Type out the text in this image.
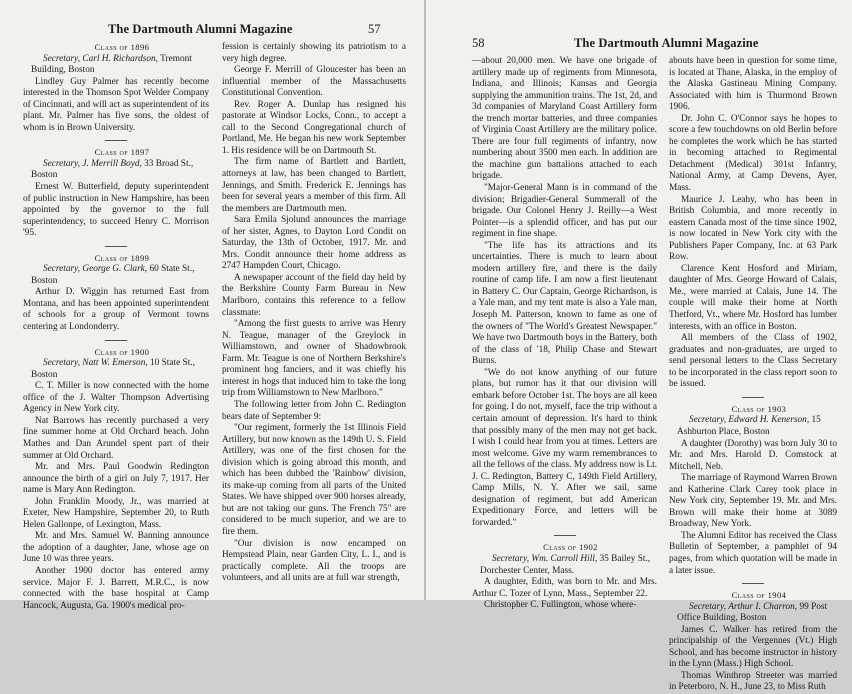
The Dartmouth Alumni Magazine	57

Class of 1896

Secretary, Carl H. Richardson, Tremont Building, Boston

Lindley Guy Palmer has recently become interested in the Thomson Spot Welder Company of Cincinnati, and will act as superintendent of its plant. Mr. Palmer has five sons, the oldest of whom is in Brown University.

Class of 1897

Secretary, J. Merrill Boyd, 33 Broad St., Boston

Ernest W. Butterfield, deputy superintendent of public instruction in New Hampshire, has been appointed by the governor to the full superintendency, to succeed Henry C. Morrison '95.

Class of 1899

Secretary, George G. Clark, 60 State St., Boston

Arthur D. Wiggin has returned East from Montana, and has been appointed superintendent of schools for a group of Vermont towns centering at Londonderry.

Class of 1900

Secretary, Natt W. Emerson, 10 State St., Boston

C. T. Miller is now connected with the home office of the J. Walter Thompson Advertising Agency in New York city.

Nat Barrows has recently purchased a very fine summer home at Old Orchard beach. John Mathes and Dan Arundel spent part of their summer at Old Orchard.

Mr. and Mrs. Paul Goodwin Redington announce the birth of a girl on July 7, 1917. Her name is Mary Ann Redington.

John Franklin Moody, Jr., was married at Exeter, New Hampshire, September 20, to Ruth Helen Gallonpe, of Lexington, Mass.

Mr. and Mrs. Samuel W. Banning announce the adoption of a daughter, Jane, whose age on June 10 was three years.

Another 1900 doctor has entered army service. Major F. J. Barrett, M.R.C., is now connected with the base hospital at Camp Hancock, Augusta, Ga. 1900's medical pro-

fession is certainly showing its patriotism to a very high degree.

George F. Merrill of Gloucester has been an influential member of the Massachusetts Constitutional Convention.

Rev. Roger A. Dunlap has resigned his pastorate at Windsor Locks, Conn., to accept a call to the Second Congregational church of Portland, Me. He began his new work September 1. His residence will be on Dartmouth St.

The firm name of Bartlett and Bartlett, attorneys at law, has been changed to Bartlett, Jennings, and Smith. Frederick E. Jennings has been for several years a member of this firm. All the members are Dartmouth men.

Sara Emila Sjolund announces the marriage of her sister, Agnes, to Dayton Lord Condit on Saturday, the 13th of October, 1917. Mr. and Mrs. Condit announce their home address as 2747 Hampden Court, Chicago.

A newspaper account of the field day held by the Berkshire County Farm Bureau in New Marlboro, contains this reference to a fellow classmate:

"Among the first guests to arrive was Henry N. Teague, manager of the Greylock in Williamstown, and owner of Shadowbrook Farm. Mr. Teague is one of Northern Berkshire's prominent hog fanciers, and it was chiefly his interest in hogs that induced him to take the long trip from Williamstown to New Marlboro."

The following letter from John C. Redington bears date of September 9:

"Our regiment, formerly the 1st Illinois Field Artillery, but now known as the 149th U. S. Field Artillery, was one of the first chosen for the division which is going abroad this month, and which has been dubbed the 'Rainbow' division, its make-up coming from all parts of the United States. We have shipped over 900 horses already, but are not taking our guns. The French 75" are considered to be much superior, and we are to fire them.

"Our division is now encamped on Hempstead Plain, near Garden City, L. I., and is practically complete. All the troops are volunteers, and all units are at full war strength,

58	The Dartmouth Alumni Magazine

—about 20,000 men. We have one brigade of artillery made up of regiments from Minnesota, Indiana, and Illinois; Kansas and Georgia supplying the ammunition trains. The 1st, 2d, and 3d companies of Maryland Coast Artillery form the trench mortar batteries, and three companies of Virginia Coast Artillery are the military police. There are four full regiments of infantry, now numbering about 3500 men each. In addition are the machine gun battalions attached to each brigade.

"Major-General Mann is in command of the division; Brigadier-General Summerall of the brigade. Our Colonel Henry J. Reilly—a West Pointer—is a splendid officer, and has put our regiment in fine shape.

"The life has its attractions and its uncertainties. There is much to learn about modern artillery fire, and there is the daily routine of camp life. I am now a first lieutenant in Battery C. Our Captain, George Richardson, is a Yale man, and my tent mate is also a Yale man, Joseph M. Patterson, known to fame as one of the owners of "The World's Greatest Newspaper." We have two Dartmouth boys in the Battery, both of the class of '18, Philip Chase and Stewart Burns.

"We do not know anything of our future plans, but rumor has it that our division will embark before October 1st. The boys are all keen for going. I do not, myself, face the trip without a certain amount of depression. It's hard to think that possibly many of the men may not get back. I wish I could hear from you at times. Letters are most welcome. Give my warm remembrances to all the fellows of the class. My address now is Lt. J. C. Redington, Battery C, 149th Field Artillery, Camp Mills, N. Y. After we sail, same designation of regiment, but add American Expeditionary Force, and letters will be forwarded."

Class of 1902

Secretary, Wm. Carroll Hill, 35 Bailey St., Dorchester Center, Mass.

A daughter, Edith, was born to Mr. and Mrs. Arthur C. Tozer of Lynn, Mass., September 22.

Christopher C. Fullington, whose where-

abouts have been in question for some time, is located at Thane, Alaska, in the employ of the Alaska Gastineau Mining Company. Associated with him is Thurmond Brown 1906.

Dr. John C. O'Connor says he hopes to score a few touchdowns on old Berlin before he completes the work which he has started in becoming attached to Regimental Detachment (Medical) 301st Infantry, National Army, at Camp Devens, Ayer, Mass.

Maurice J. Leahy, who has been in British Columbia, and more recently in eastern Canada most of the time since 1902, is now located in New York city with the Publishers Paper Company, Inc. at 63 Park Row.

Clarence Kent Hosford and Miriam, daughter of Mrs. George Howard of Calais, Me., were married at Calais, June 14. The couple will make their home at North Thetford, Vt., where Mr. Hosford has lumber interests, with an office in Boston.

All members of the Class of 1902, graduates and non-graduates, are urged to send personal letters to the Class Secretary to be incorporated in the class report soon to be issued.

Class of 1903

Secretary, Edward H. Kenerson, 15 Ashburton Place, Boston

A daughter (Dorothy) was born July 30 to Mr. and Mrs. Harold D. Comstock at Mitchell, Neb.

The marriage of Raymond Warren Brown and Katherine Clark Carey took place in New York city, September 19. Mr. and Mrs. Brown will make their home at 3089 Broadway, New York.

The Alumni Editor has received the Class Bulletin of September, a pamphlet of 94 pages, from which quotation will be made in a later issue.

Class of 1904

Secretary, Arthur I. Charron, 99 Post Office Building, Boston

James C. Walker has retired from the principalship of the Vergennes (Vt.) High School, and has become instructor in history in the Lynn (Mass.) High School.

Thomas Winthrop Streeter was married in Peterboro, N. H., June 23, to Miss Ruth
